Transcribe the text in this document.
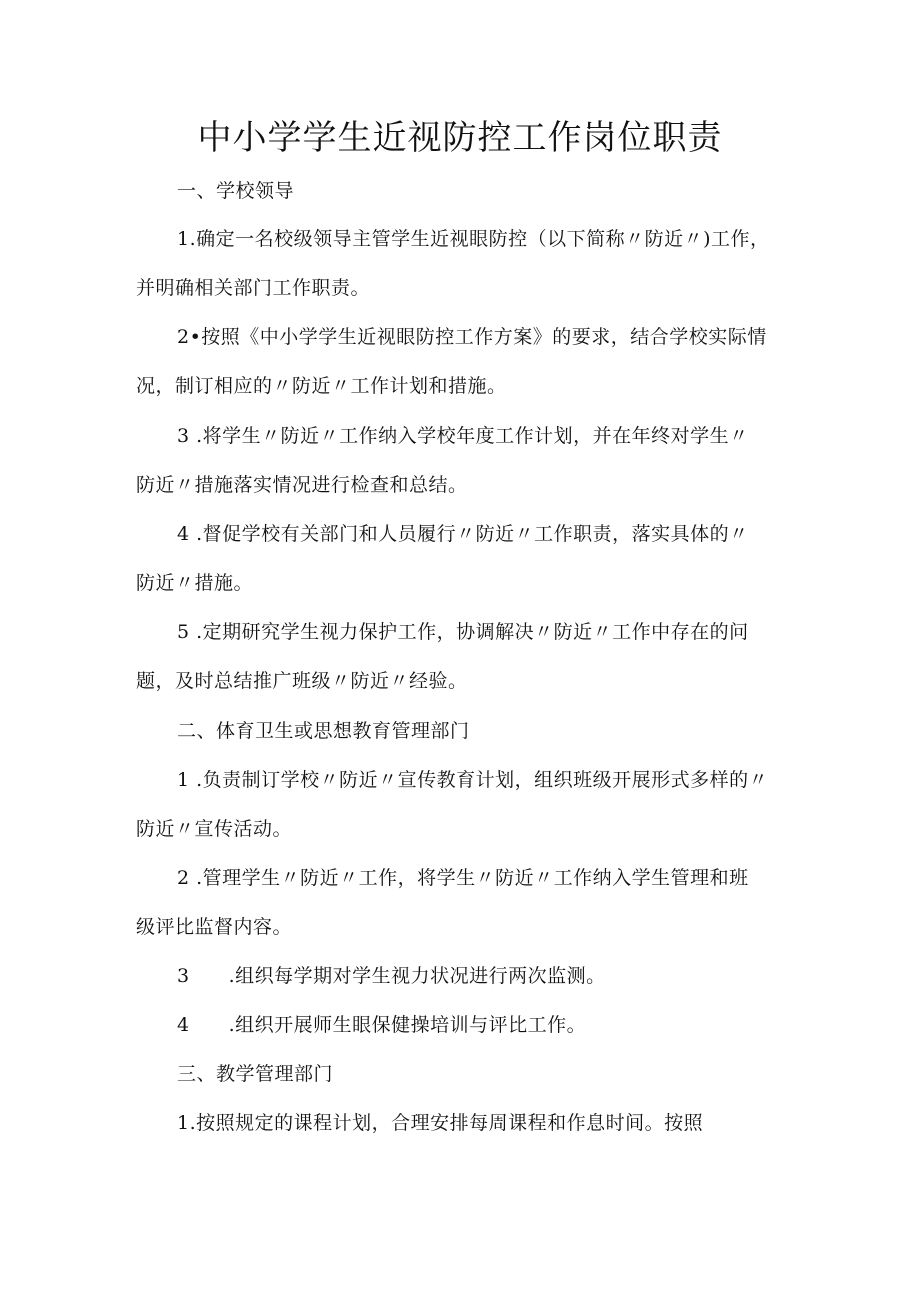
中小学学生近视防控工作岗位职责
一、学校领导
1.确定一名校级领导主管学生近视眼防控（以下简称〃防近〃)工作，
并明确相关部门工作职责。
2•按照《中小学学生近视眼防控工作方案》的要求，结合学校实际情
况，制订相应的〃防近〃工作计划和措施。
3 .将学生〃防近〃工作纳入学校年度工作计划，并在年终对学生〃
防近〃措施落实情况进行检查和总结。
4 .督促学校有关部门和人员履行〃防近〃工作职责，落实具体的〃
防近〃措施。
5 .定期研究学生视力保护工作，协调解决〃防近〃工作中存在的问
题，及时总结推广班级〃防近〃经验。
二、体育卫生或思想教育管理部门
1 .负责制订学校〃防近〃宣传教育计划，组织班级开展形式多样的〃
防近〃宣传活动。
2 .管理学生〃防近〃工作，将学生〃防近〃工作纳入学生管理和班
级评比监督内容。
3　　.组织每学期对学生视力状况进行两次监测。
4　　.组织开展师生眼保健操培训与评比工作。
三、教学管理部门
1.按照规定的课程计划，合理安排每周课程和作息时间。按照
